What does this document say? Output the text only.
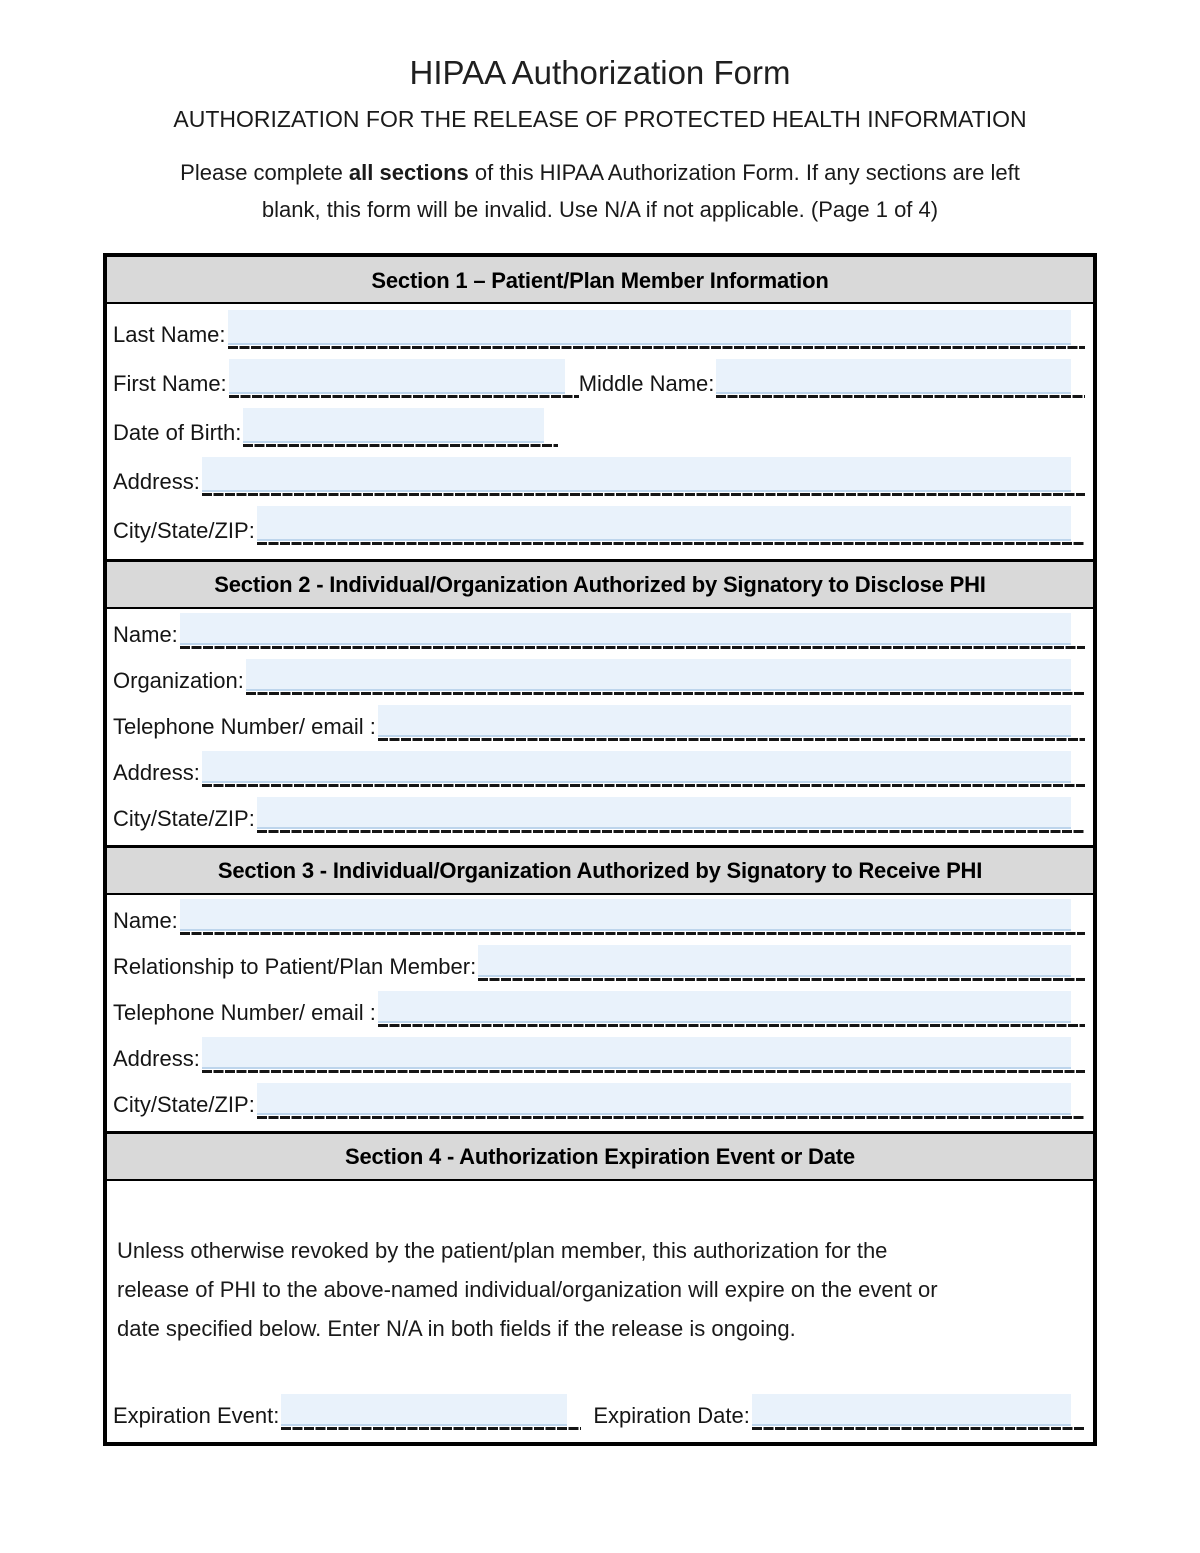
HIPAA Authorization Form
AUTHORIZATION FOR THE RELEASE OF PROTECTED HEALTH INFORMATION
Please complete all sections of this HIPAA Authorization Form. If any sections are left
blank, this form will be invalid. Use N/A if not applicable. (Page 1 of 4)
Section 1 – Patient/Plan Member Information
Last Name:
First Name:	Middle Name:
Date of Birth:
Address:
City/State/ZIP:
Section 2 - Individual/Organization Authorized by Signatory to Disclose PHI
Name:
Organization:
Telephone Number/ email :
Address:
City/State/ZIP:
Section 3 - Individual/Organization Authorized by Signatory to Receive PHI
Name:
Relationship to Patient/Plan Member:
Telephone Number/ email :
Address:
City/State/ZIP:
Section 4 - Authorization Expiration Event or Date
Unless otherwise revoked by the patient/plan member, this authorization for the
release of PHI to the above-named individual/organization will expire on the event or
date specified below. Enter N/A in both fields if the release is ongoing.
Expiration Event:	Expiration Date:
